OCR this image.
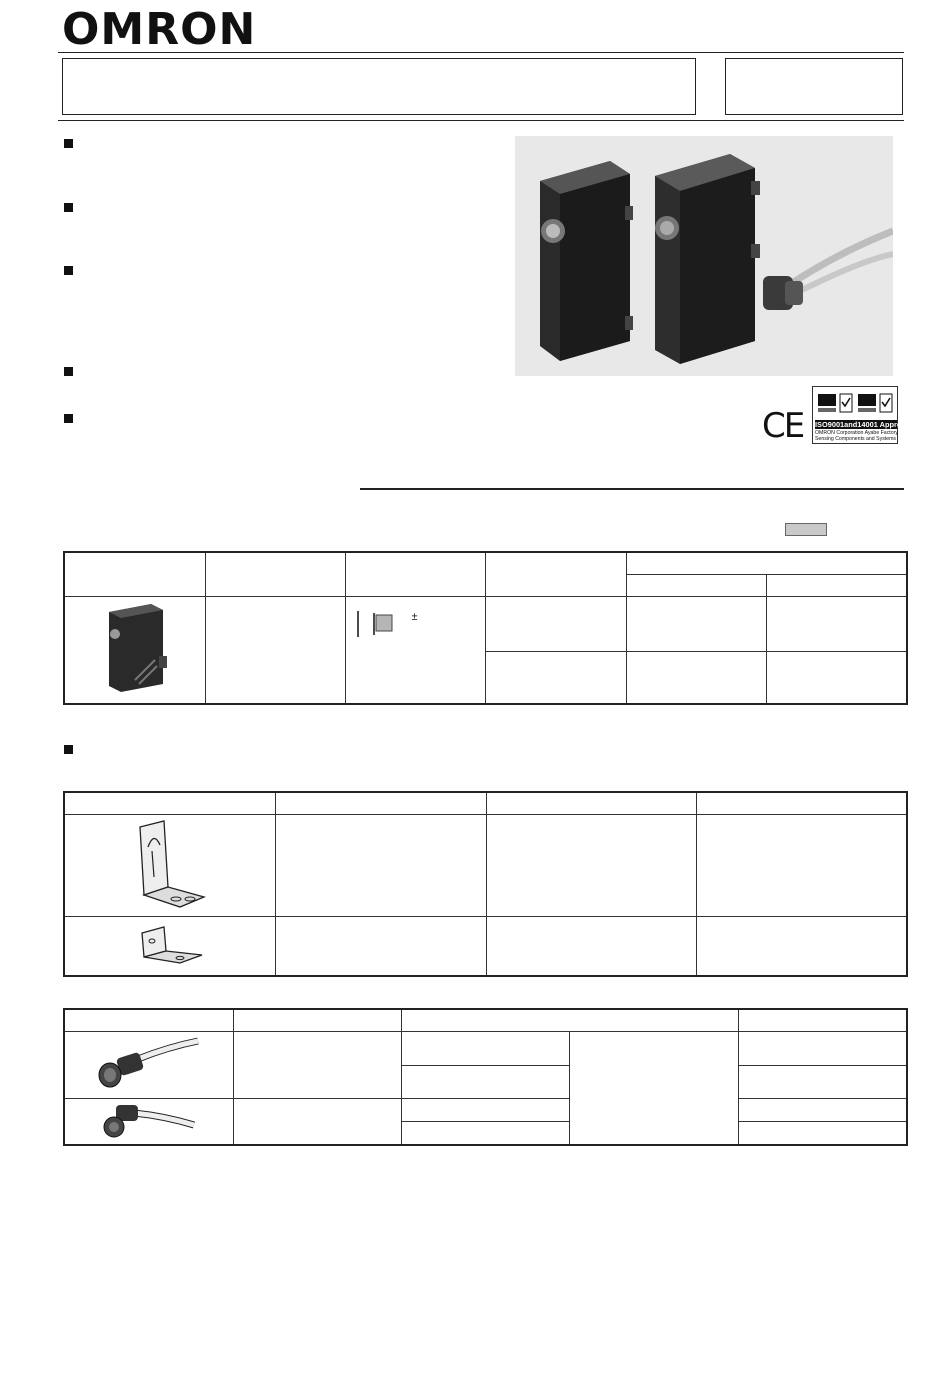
OMRON
CE ISO9001and14001 Approved
OMRON Corporation Ayabe Factory
Sensing Components and Systems

±			
